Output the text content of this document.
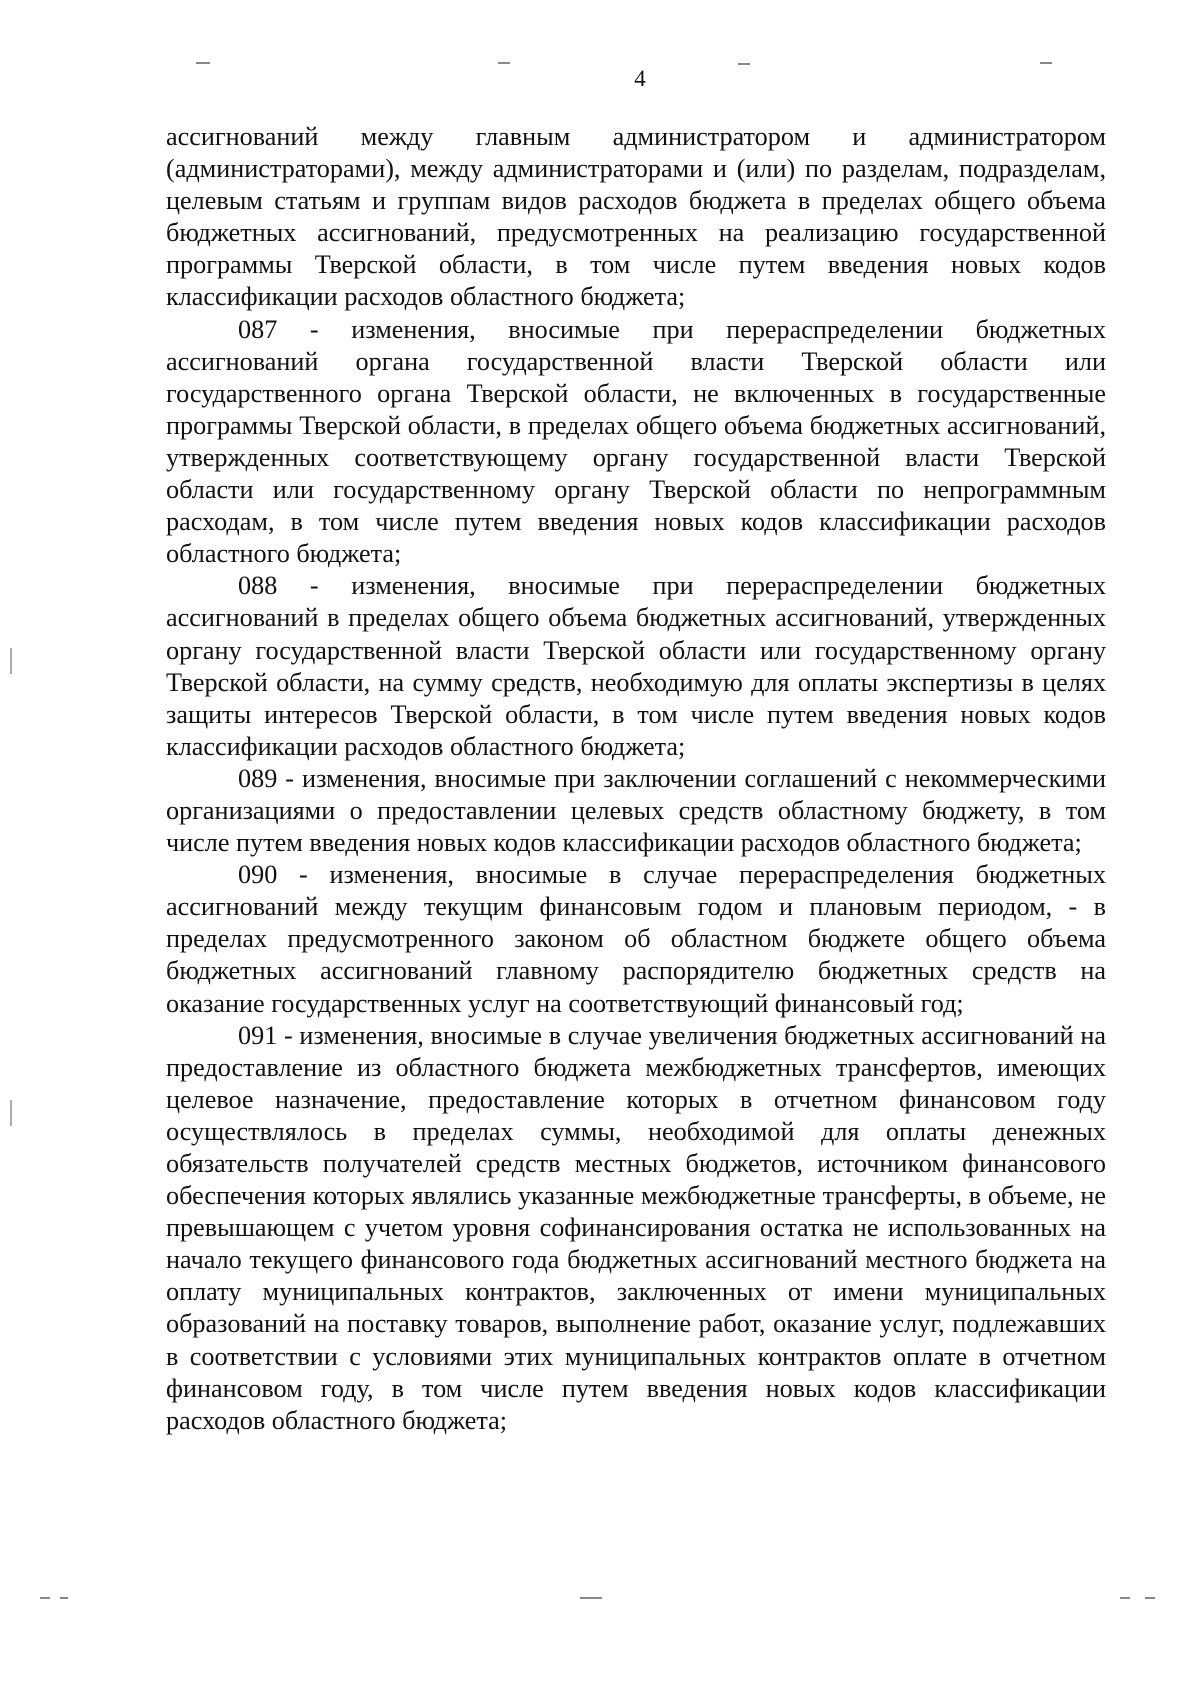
4

ассигнований между главным администратором и администратором (администраторами), между администраторами и (или) по разделам, подразделам, целевым статьям и группам видов расходов бюджета в пределах общего объема бюджетных ассигнований, предусмотренных на реализацию государственной программы Тверской области, в том числе путем введения новых кодов классификации расходов областного бюджета;

087 - изменения, вносимые при перераспределении бюджетных ассигнований органа государственной власти Тверской области или государственного органа Тверской области, не включенных в государственные программы Тверской области, в пределах общего объема бюджетных ассигнований, утвержденных соответствующему органу государственной власти Тверской области или государственному органу Тверской области по непрограммным расходам, в том числе путем введения новых кодов классификации расходов областного бюджета;

088 - изменения, вносимые при перераспределении бюджетных ассигнований в пределах общего объема бюджетных ассигнований, утвержденных органу государственной власти Тверской области или государственному органу Тверской области, на сумму средств, необходимую для оплаты экспертизы в целях защиты интересов Тверской области, в том числе путем введения новых кодов классификации расходов областного бюджета;

089 - изменения, вносимые при заключении соглашений с некоммерческими организациями о предоставлении целевых средств областному бюджету, в том числе путем введения новых кодов классификации расходов областного бюджета;

090 - изменения, вносимые в случае перераспределения бюджетных ассигнований между текущим финансовым годом и плановым периодом, - в пределах предусмотренного законом об областном бюджете общего объема бюджетных ассигнований главному распорядителю бюджетных средств на оказание государственных услуг на соответствующий финансовый год;

091 - изменения, вносимые в случае увеличения бюджетных ассигнований на предоставление из областного бюджета межбюджетных трансфертов, имеющих целевое назначение, предоставление которых в отчетном финансовом году осуществлялось в пределах суммы, необходимой для оплаты денежных обязательств получателей средств местных бюджетов, источником финансового обеспечения которых являлись указанные межбюджетные трансферты, в объеме, не превышающем с учетом уровня софинансирования остатка не использованных на начало текущего финансового года бюджетных ассигнований местного бюджета на оплату муниципальных контрактов, заключенных от имени муниципальных образований на поставку товаров, выполнение работ, оказание услуг, подлежавших в соответствии с условиями этих муниципальных контрактов оплате в отчетном финансовом году, в том числе путем введения новых кодов классификации расходов областного бюджета;
